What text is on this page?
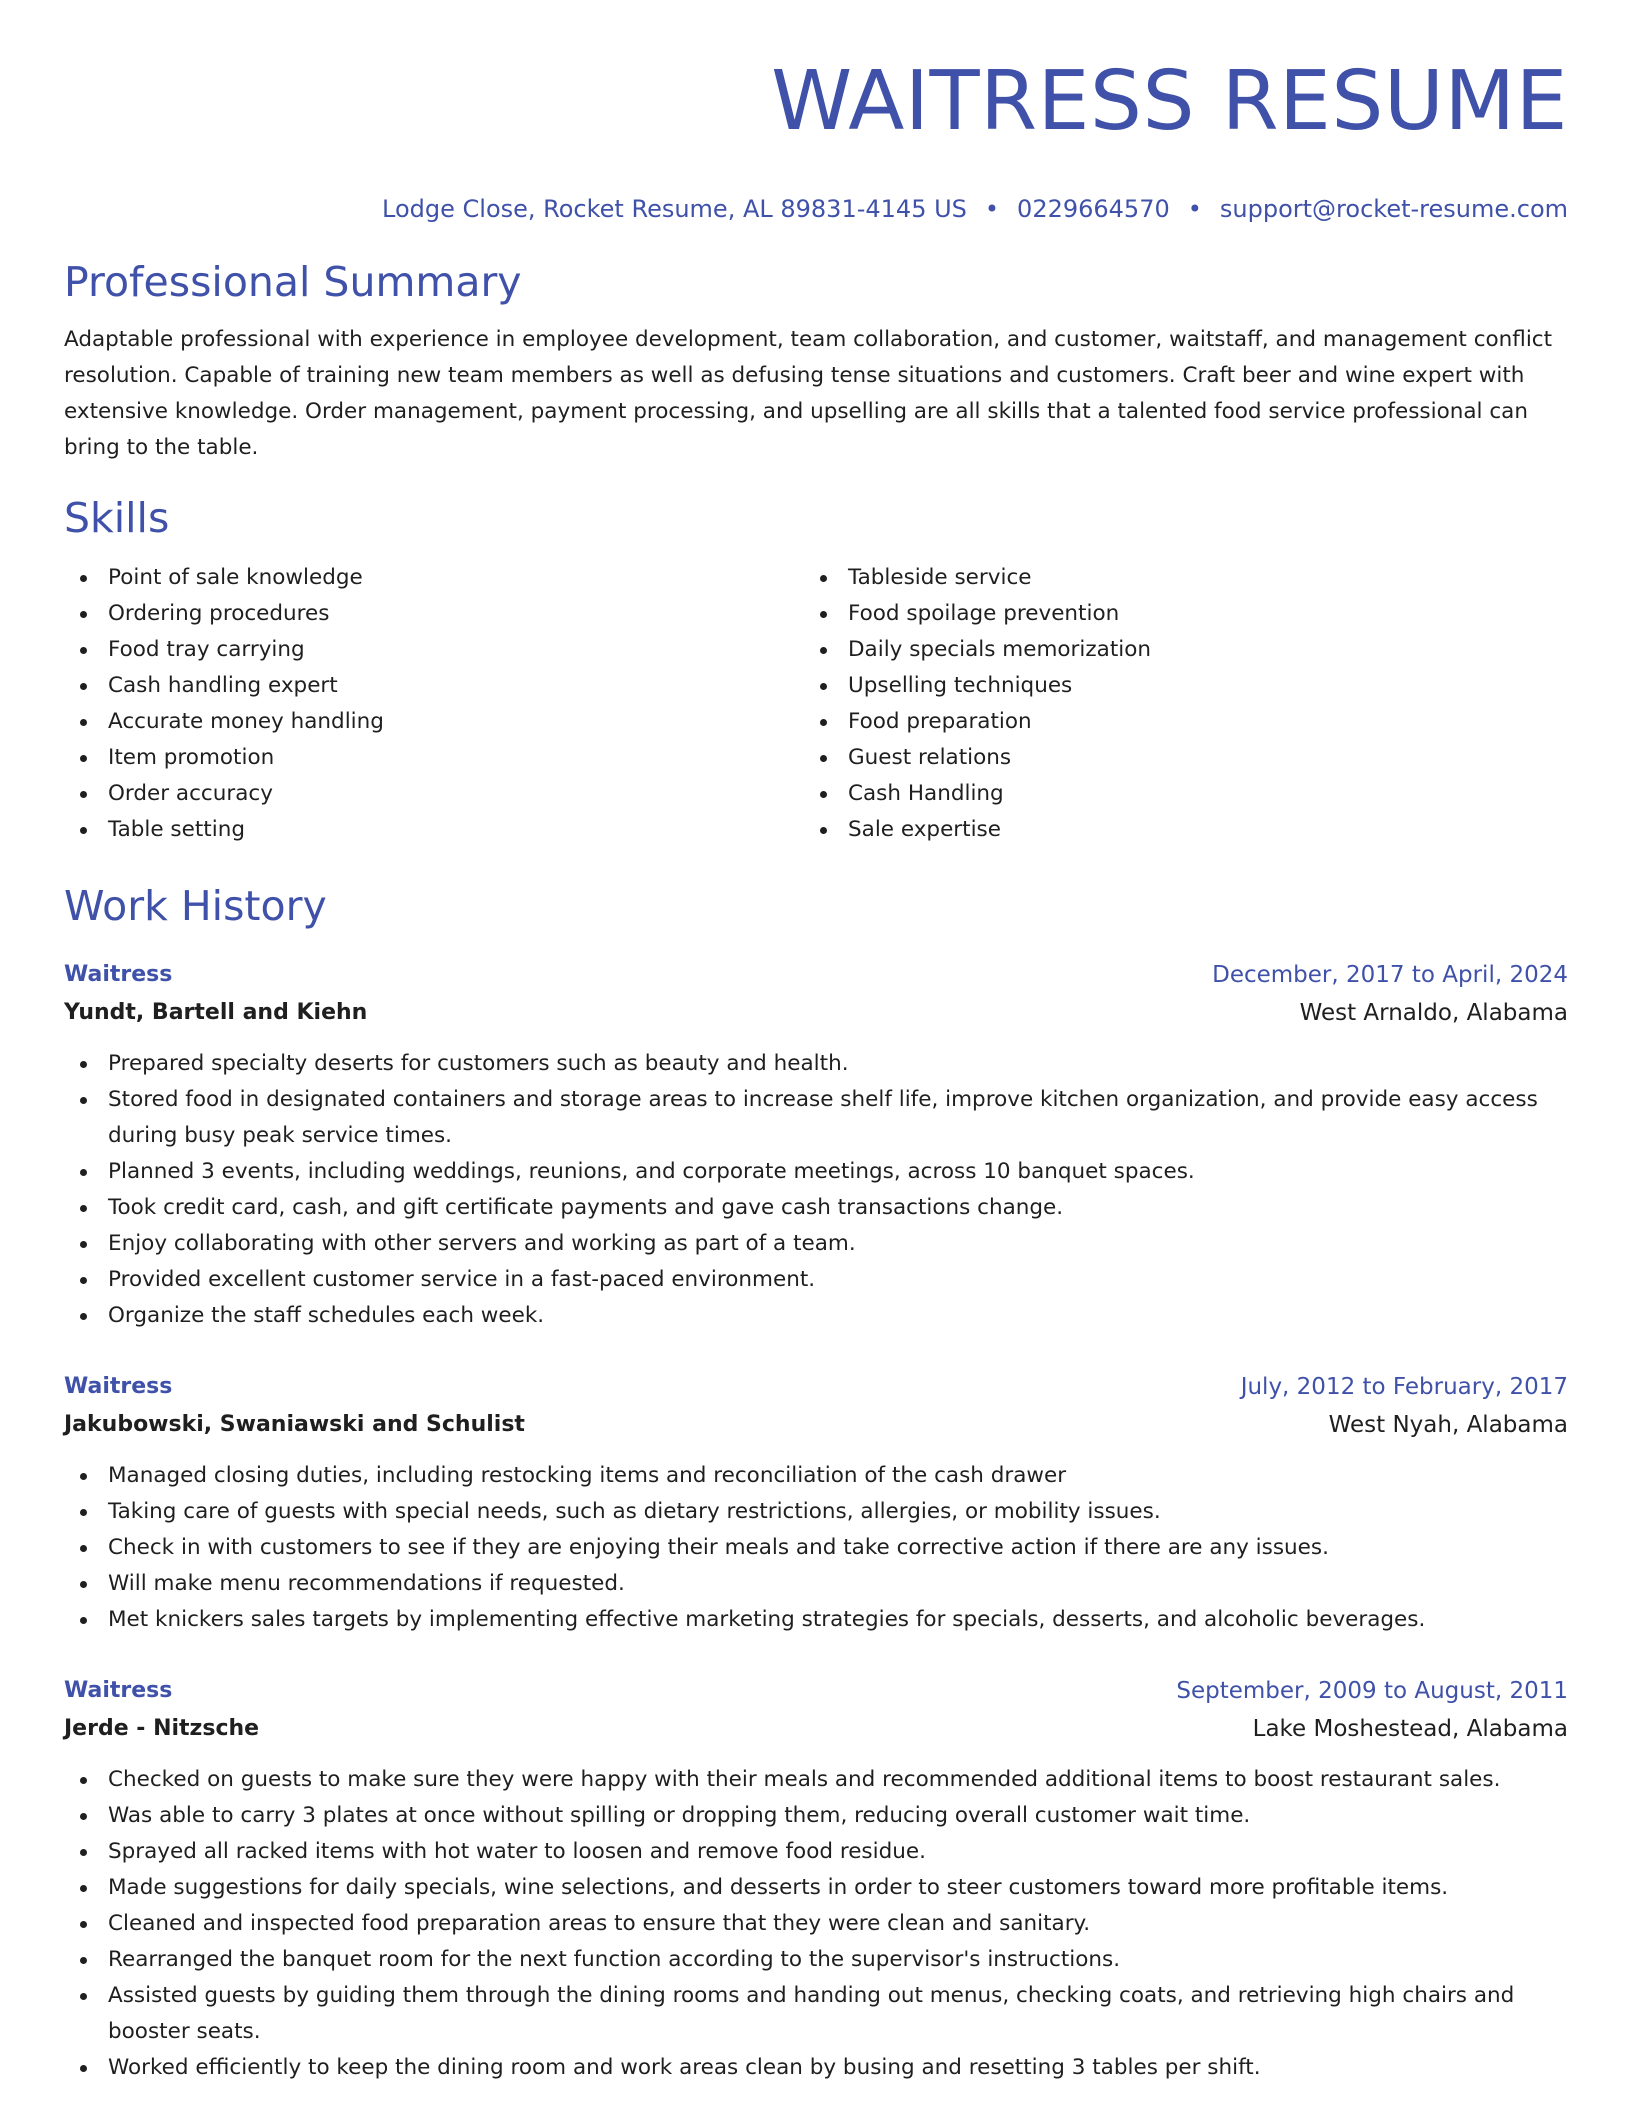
WAITRESS RESUME
Lodge Close, Rocket Resume, AL 89831-4145 US • 0229664570 • support@rocket-resume.com
Professional Summary

Adaptable professional with experience in employee development, team collaboration, and customer, waitstaff, and management conflict resolution. Capable of training new team members as well as defusing tense situations and customers. Craft beer and wine expert with extensive knowledge. Order management, payment processing, and upselling are all skills that a talented food service professional can bring to the table.

Skills
Point of sale knowledge
Ordering procedures
Food tray carrying
Cash handling expert
Accurate money handling
Item promotion
Order accuracy
Table setting
Tableside service
Food spoilage prevention
Daily specials memorization
Upselling techniques
Food preparation
Guest relations
Cash Handling
Sale expertise
Work History
Waitress	December, 2017 to April, 2024
Yundt, Bartell and Kiehn	West Arnaldo, Alabama
Prepared specialty deserts for customers such as beauty and health.
Stored food in designated containers and storage areas to increase shelf life, improve kitchen organization, and provide easy access during busy peak service times.
Planned 3 events, including weddings, reunions, and corporate meetings, across 10 banquet spaces.
Took credit card, cash, and gift certificate payments and gave cash transactions change.
Enjoy collaborating with other servers and working as part of a team.
Provided excellent customer service in a fast-paced environment.
Organize the staff schedules each week.
Waitress	July, 2012 to February, 2017
Jakubowski, Swaniawski and Schulist	West Nyah, Alabama
Managed closing duties, including restocking items and reconciliation of the cash drawer
Taking care of guests with special needs, such as dietary restrictions, allergies, or mobility issues.
Check in with customers to see if they are enjoying their meals and take corrective action if there are any issues.
Will make menu recommendations if requested.
Met knickers sales targets by implementing effective marketing strategies for specials, desserts, and alcoholic beverages.
Waitress	September, 2009 to August, 2011
Jerde - Nitzsche	Lake Moshestead, Alabama
Checked on guests to make sure they were happy with their meals and recommended additional items to boost restaurant sales.
Was able to carry 3 plates at once without spilling or dropping them, reducing overall customer wait time.
Sprayed all racked items with hot water to loosen and remove food residue.
Made suggestions for daily specials, wine selections, and desserts in order to steer customers toward more profitable items.
Cleaned and inspected food preparation areas to ensure that they were clean and sanitary.
Rearranged the banquet room for the next function according to the supervisor's instructions.
Assisted guests by guiding them through the dining rooms and handing out menus, checking coats, and retrieving high chairs and booster seats.
Worked efficiently to keep the dining room and work areas clean by busing and resetting 3 tables per shift.
